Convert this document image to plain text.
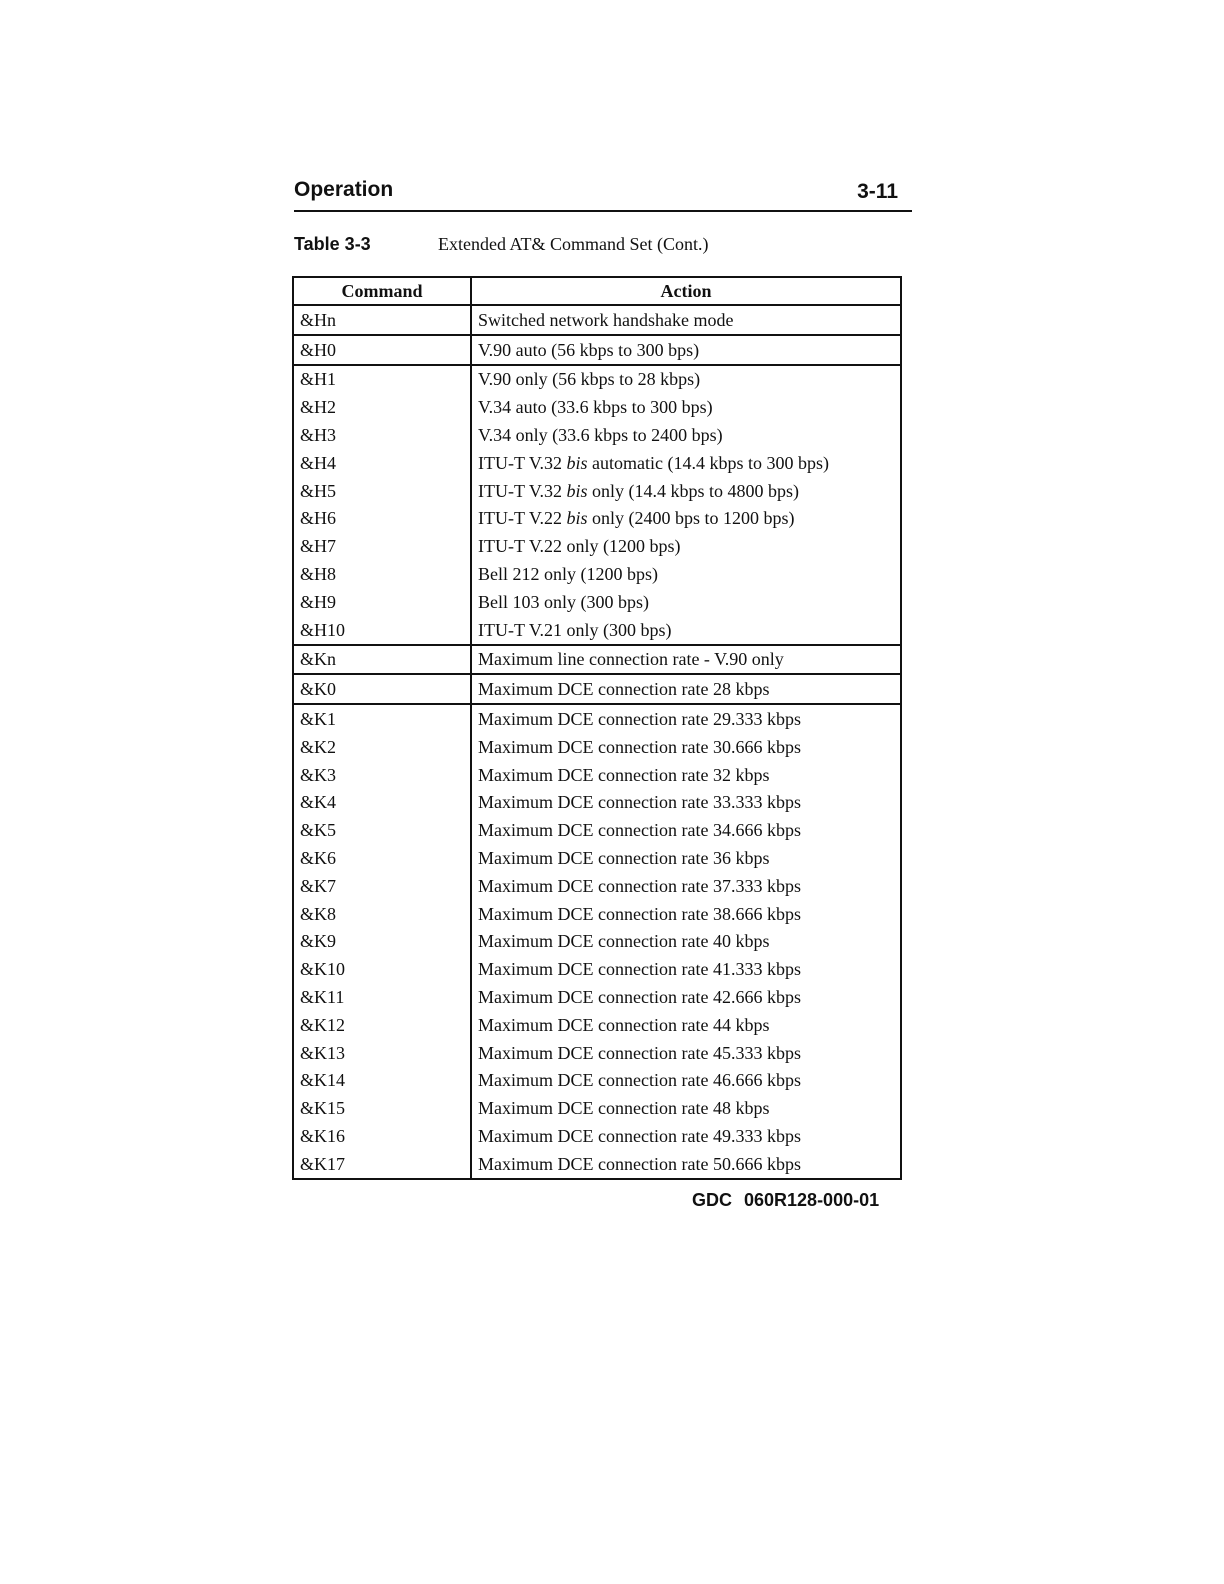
Operation	3-11
Table 3-3	Extended AT& Command Set (Cont.)
Command	Action
&Hn	Switched network handshake mode
&H0	V.90 auto (56 kbps to 300 bps)
&H1	V.90 only (56 kbps to 28 kbps)
&H2	V.34 auto (33.6 kbps to 300 bps)
&H3	V.34 only (33.6 kbps to 2400 bps)
&H4	ITU-T V.32 bis automatic (14.4 kbps to 300 bps)
&H5	ITU-T V.32 bis only (14.4 kbps to 4800 bps)
&H6	ITU-T V.22 bis only (2400 bps to 1200 bps)
&H7	ITU-T V.22 only (1200 bps)
&H8	Bell 212 only (1200 bps)
&H9	Bell 103 only (300 bps)
&H10	ITU-T V.21 only (300 bps)
&Kn	Maximum line connection rate - V.90 only
&K0	Maximum DCE connection rate 28 kbps
&K1	Maximum DCE connection rate 29.333 kbps
&K2	Maximum DCE connection rate 30.666 kbps
&K3	Maximum DCE connection rate 32 kbps
&K4	Maximum DCE connection rate 33.333 kbps
&K5	Maximum DCE connection rate 34.666 kbps
&K6	Maximum DCE connection rate 36 kbps
&K7	Maximum DCE connection rate 37.333 kbps
&K8	Maximum DCE connection rate 38.666 kbps
&K9	Maximum DCE connection rate 40 kbps
&K10	Maximum DCE connection rate 41.333 kbps
&K11	Maximum DCE connection rate 42.666 kbps
&K12	Maximum DCE connection rate 44 kbps
&K13	Maximum DCE connection rate 45.333 kbps
&K14	Maximum DCE connection rate 46.666 kbps
&K15	Maximum DCE connection rate 48 kbps
&K16	Maximum DCE connection rate 49.333 kbps
&K17	Maximum DCE connection rate 50.666 kbps
GDC 060R128-000-01
